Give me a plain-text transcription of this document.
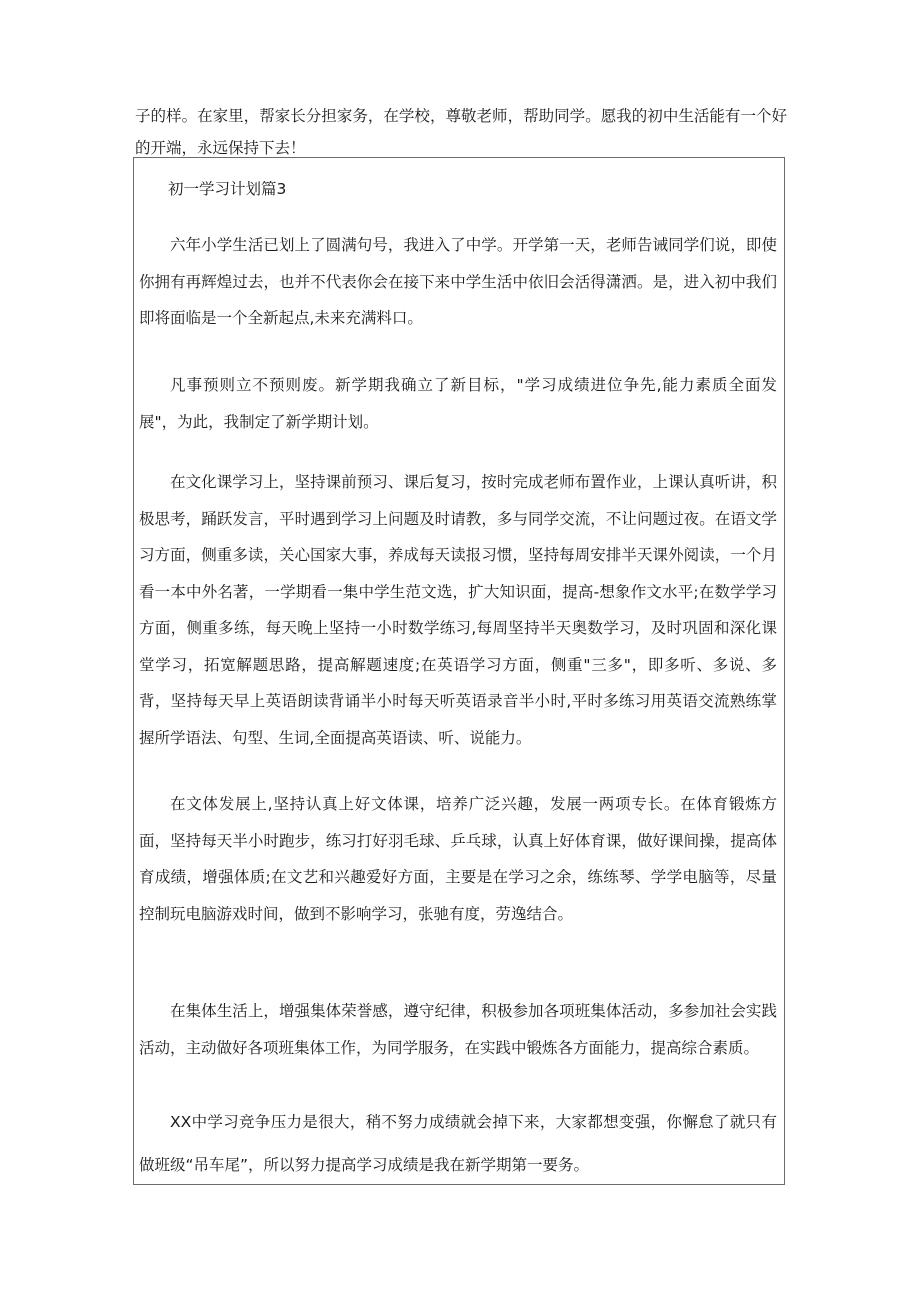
子的样。在家里，帮家长分担家务，在学校，尊敬老师，帮助同学。愿我的初中生活能有一个好的开端，永远保持下去！
初一学习计划篇3

六年小学生活已划上了圆满句号，我进入了中学。开学第一天，老师告诫同学们说，即使你拥有再辉煌过去，也并不代表你会在接下来中学生活中依旧会活得潇洒。是，进入初中我们即将面临是一个全新起点,未来充满料口。

凡事预则立不预则废。新学期我确立了新目标，"学习成绩进位争先,能力素质全面发展"，为此，我制定了新学期计划。

在文化课学习上，坚持课前预习、课后复习，按时完成老师布置作业，上课认真听讲，积极思考，踊跃发言，平时遇到学习上问题及时请教，多与同学交流，不让问题过夜。在语文学习方面，侧重多读，关心国家大事，养成每天读报习惯，坚持每周安排半天课外阅读，一个月看一本中外名著，一学期看一集中学生范文选，扩大知识面，提高-想象作文水平;在数学学习方面，侧重多练，每天晚上坚持一小时数学练习,每周坚持半天奥数学习，及时巩固和深化课堂学习，拓宽解题思路，提高解题速度;在英语学习方面，侧重"三多"，即多听、多说、多背，坚持每天早上英语朗读背诵半小时每天听英语录音半小时,平时多练习用英语交流熟练掌握所学语法、句型、生词,全面提高英语读、听、说能力。

在文体发展上,坚持认真上好文体课，培养广泛兴趣，发展一两项专长。在体育锻炼方面，坚持每天半小时跑步，练习打好羽毛球、乒乓球，认真上好体育课，做好课间操，提高体育成绩，增强体质;在文艺和兴趣爱好方面，主要是在学习之余，练练琴、学学电脑等，尽量控制玩电脑游戏时间，做到不影响学习，张驰有度，劳逸结合。

在集体生活上，增强集体荣誉感，遵守纪律，积极参加各项班集体活动，多参加社会实践活动，主动做好各项班集体工作，为同学服务，在实践中锻炼各方面能力，提高综合素质。

XX中学习竞争压力是很大，稍不努力成绩就会掉下来，大家都想变强，你懈怠了就只有做班级“吊车尾”，所以努力提高学习成绩是我在新学期第一要务。
